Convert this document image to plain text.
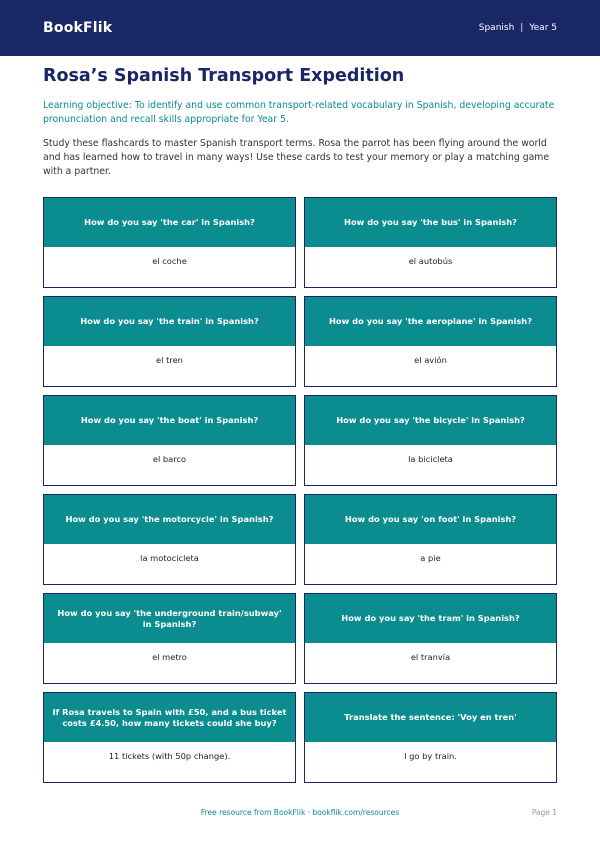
BookFlik	Spanish | Year 5
Rosa’s Spanish Transport Expedition

Learning objective: To identify and use common transport-related vocabulary in Spanish, developing accurate pronunciation and recall skills appropriate for Year 5.

Study these flashcards to master Spanish transport terms. Rosa the parrot has been flying around the world and has learned how to travel in many ways! Use these cards to test your memory or play a matching game with a partner.

How do you say 'the car' in Spanish?
el coche
How do you say 'the bus' in Spanish?
el autobús
How do you say 'the train' in Spanish?
el tren
How do you say 'the aeroplane' in Spanish?
el avión
How do you say 'the boat' in Spanish?
el barco
How do you say 'the bicycle' in Spanish?
la bicicleta
How do you say 'the motorcycle' in Spanish?
la motocicleta
How do you say 'on foot' in Spanish?
a pie
How do you say 'the underground train/subway' in Spanish?
el metro
How do you say 'the tram' in Spanish?
el tranvía
If Rosa travels to Spain with £50, and a bus ticket costs £4.50, how many tickets could she buy?
11 tickets (with 50p change).
Translate the sentence: 'Voy en tren'
I go by train.
Free resource from BookFlik · bookflik.com/resources	Page 1
